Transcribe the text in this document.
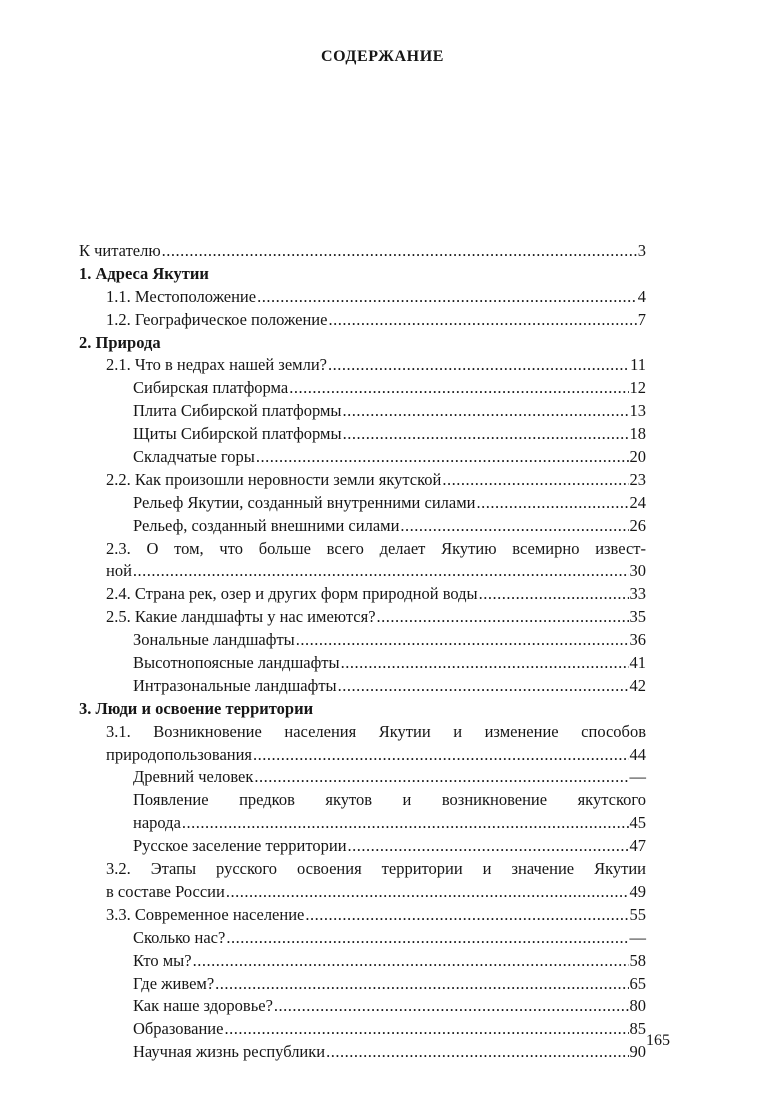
СОДЕРЖАНИЕ
К читателю .....	3
1. Адреса Якутии
1.1. Местоположение .....	4
1.2. Географическое положение .....	7
2. Природа
2.1. Что в недрах нашей земли? .....	11
Сибирская платформа .....	12
Плита Сибирской платформы .....	13
Щиты Сибирской платформы .....	18
Складчатые горы .....	20
2.2. Как произошли неровности земли якутской .....	23
Рельеф Якутии, созданный внутренними силами .....	24
Рельеф, созданный внешними силами .....	26
2.3. О том, что больше всего делает Якутию всемирно извест-
ной .....	30
2.4. Страна рек, озер и других форм природной воды .....	33
2.5. Какие ландшафты у нас имеются? .....	35
Зональные ландшафты .....	36
Высотнопоясные ландшафты .....	41
Интразональные ландшафты .....	42
3. Люди и освоение территории
3.1. Возникновение населения Якутии и изменение способов
природопользования .....	44
Древний человек .....	—
Появление предков якутов и возникновение якутского
народа .....	45
Русское заселение территории .....	47
3.2. Этапы русского освоения территории и значение Якутии
в составе России .....	49
3.3. Современное население .....	55
Сколько нас? .....	—
Кто мы? .....	58
Где живем? .....	65
Как наше здоровье? .....	80
Образование .....	85
Научная жизнь республики .....	90
165
